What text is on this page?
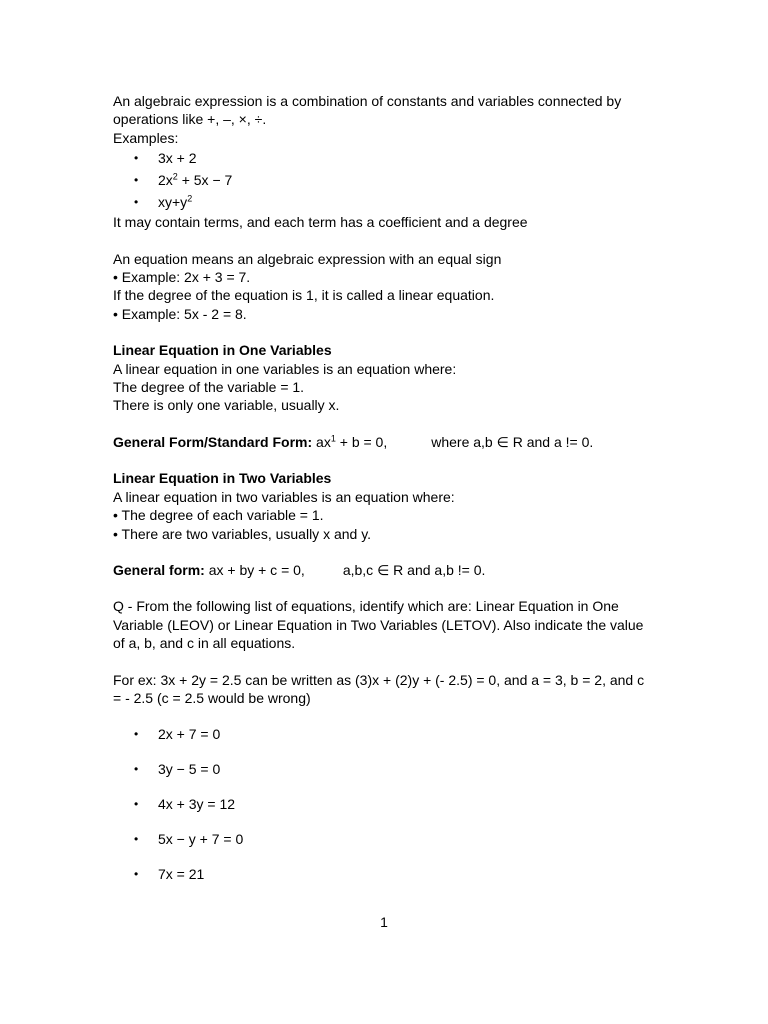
An algebraic expression is a combination of constants and variables connected by

operations like +, –, ×, ÷.

Examples:

• 3x + 2
• $2x^2 + 5x - 7$
• $xy+y^2$

It may contain terms, and each term has a coefficient and a degree

An equation means an algebraic expression with an equal sign

• Example: 2x + 3 = 7.

If the degree of the equation is 1, it is called a linear equation.

• Example: 5x - 2 = 8.

Linear Equation in One Variables

A linear equation in one variables is an equation where:

The degree of the variable = 1.

There is only one variable, usually x.

General Form/Standard Form: $ax^1 + b = 0$,	where a,b ∈ R and a != 0.

Linear Equation in Two Variables

A linear equation in two variables is an equation where:

• The degree of each variable = 1.

• There are two variables, usually x and y.

General form: ax + by + c = 0,	a,b,c ∈ R and a,b != 0.

Q - From the following list of equations, identify which are: Linear Equation in One

Variable (LEOV) or Linear Equation in Two Variables (LETOV). Also indicate the value

of a, b, and c in all equations.

For ex: 3x + 2y = 2.5 can be written as (3)x + (2)y + (- 2.5) = 0, and a = 3, b = 2, and c

= - 2.5 (c = 2.5 would be wrong)

• 2x + 7 = 0
• 3y − 5 = 0
• 4x + 3y = 12
• 5x − y + 7 = 0
• 7x = 21
1
